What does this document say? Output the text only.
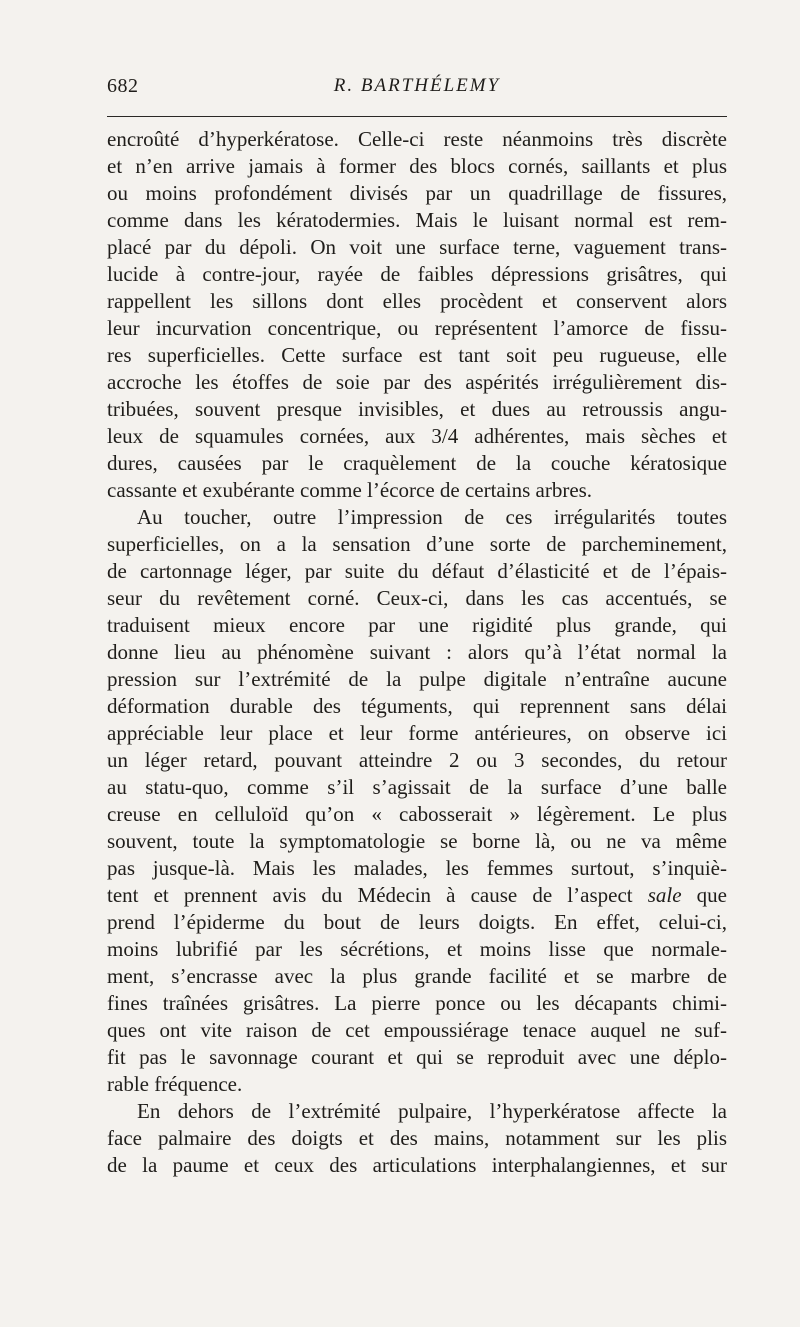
682	R. BARTHÉLEMY
encroûté d’hyperkératose. Celle-ci reste néanmoins très discrète
et n’en arrive jamais à former des blocs cornés, saillants et plus
ou moins profondément divisés par un quadrillage de fissures,
comme dans les kératodermies. Mais le luisant normal est rem-
placé par du dépoli. On voit une surface terne, vaguement trans-
lucide à contre-jour, rayée de faibles dépressions grisâtres, qui
rappellent les sillons dont elles procèdent et conservent alors
leur incurvation concentrique, ou représentent l’amorce de fissu-
res superficielles. Cette surface est tant soit peu rugueuse, elle
accroche les étoffes de soie par des aspérités irrégulièrement dis-
tribuées, souvent presque invisibles, et dues au retroussis angu-
leux de squamules cornées, aux 3/4 adhérentes, mais sèches et
dures, causées par le craquèlement de la couche kératosique
cassante et exubérante comme l’écorce de certains arbres.
Au toucher, outre l’impression de ces irrégularités toutes
superficielles, on a la sensation d’une sorte de parcheminement,
de cartonnage léger, par suite du défaut d’élasticité et de l’épais-
seur du revêtement corné. Ceux-ci, dans les cas accentués, se
traduisent mieux encore par une rigidité plus grande, qui
donne lieu au phénomène suivant : alors qu’à l’état normal la
pression sur l’extrémité de la pulpe digitale n’entraîne aucune
déformation durable des téguments, qui reprennent sans délai
appréciable leur place et leur forme antérieures, on observe ici
un léger retard, pouvant atteindre 2 ou 3 secondes, du retour
au statu-quo, comme s’il s’agissait de la surface d’une balle
creuse en celluloïd qu’on « cabosserait » légèrement. Le plus
souvent, toute la symptomatologie se borne là, ou ne va même
pas jusque-là. Mais les malades, les femmes surtout, s’inquiè-
tent et prennent avis du Médecin à cause de l’aspect sale que
prend l’épiderme du bout de leurs doigts. En effet, celui-ci,
moins lubrifié par les sécrétions, et moins lisse que normale-
ment, s’encrasse avec la plus grande facilité et se marbre de
fines traînées grisâtres. La pierre ponce ou les décapants chimi-
ques ont vite raison de cet empoussiérage tenace auquel ne suf-
fit pas le savonnage courant et qui se reproduit avec une déplo-
rable fréquence.
En dehors de l’extrémité pulpaire, l’hyperkératose affecte la
face palmaire des doigts et des mains, notamment sur les plis
de la paume et ceux des articulations interphalangiennes, et sur
